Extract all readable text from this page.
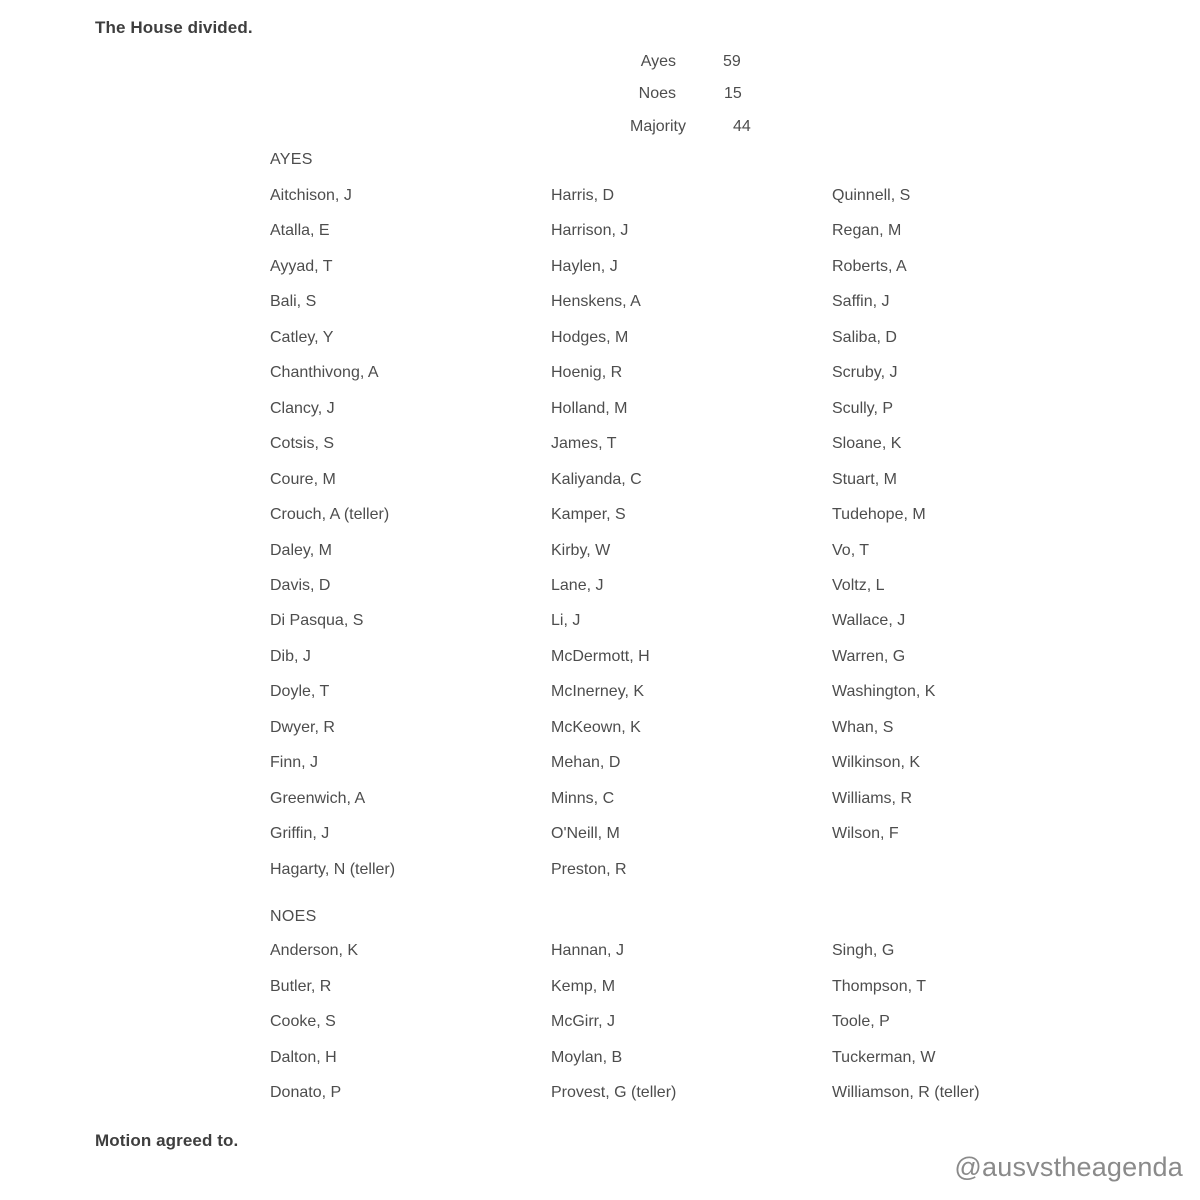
The House divided.
Ayes	59
Noes	15
Majority	44
AYES
Aitchison, J	Harris, D	Quinnell, S
Atalla, E	Harrison, J	Regan, M
Ayyad, T	Haylen, J	Roberts, A
Bali, S	Henskens, A	Saffin, J
Catley, Y	Hodges, M	Saliba, D
Chanthivong, A	Hoenig, R	Scruby, J
Clancy, J	Holland, M	Scully, P
Cotsis, S	James, T	Sloane, K
Coure, M	Kaliyanda, C	Stuart, M
Crouch, A (teller)	Kamper, S	Tudehope, M
Daley, M	Kirby, W	Vo, T
Davis, D	Lane, J	Voltz, L
Di Pasqua, S	Li, J	Wallace, J
Dib, J	McDermott, H	Warren, G
Doyle, T	McInerney, K	Washington, K
Dwyer, R	McKeown, K	Whan, S
Finn, J	Mehan, D	Wilkinson, K
Greenwich, A	Minns, C	Williams, R
Griffin, J	O'Neill, M	Wilson, F
Hagarty, N (teller)	Preston, R
NOES
Anderson, K	Hannan, J	Singh, G
Butler, R	Kemp, M	Thompson, T
Cooke, S	McGirr, J	Toole, P
Dalton, H	Moylan, B	Tuckerman, W
Donato, P	Provest, G (teller)	Williamson, R (teller)
Motion agreed to.
@ausvstheagenda
